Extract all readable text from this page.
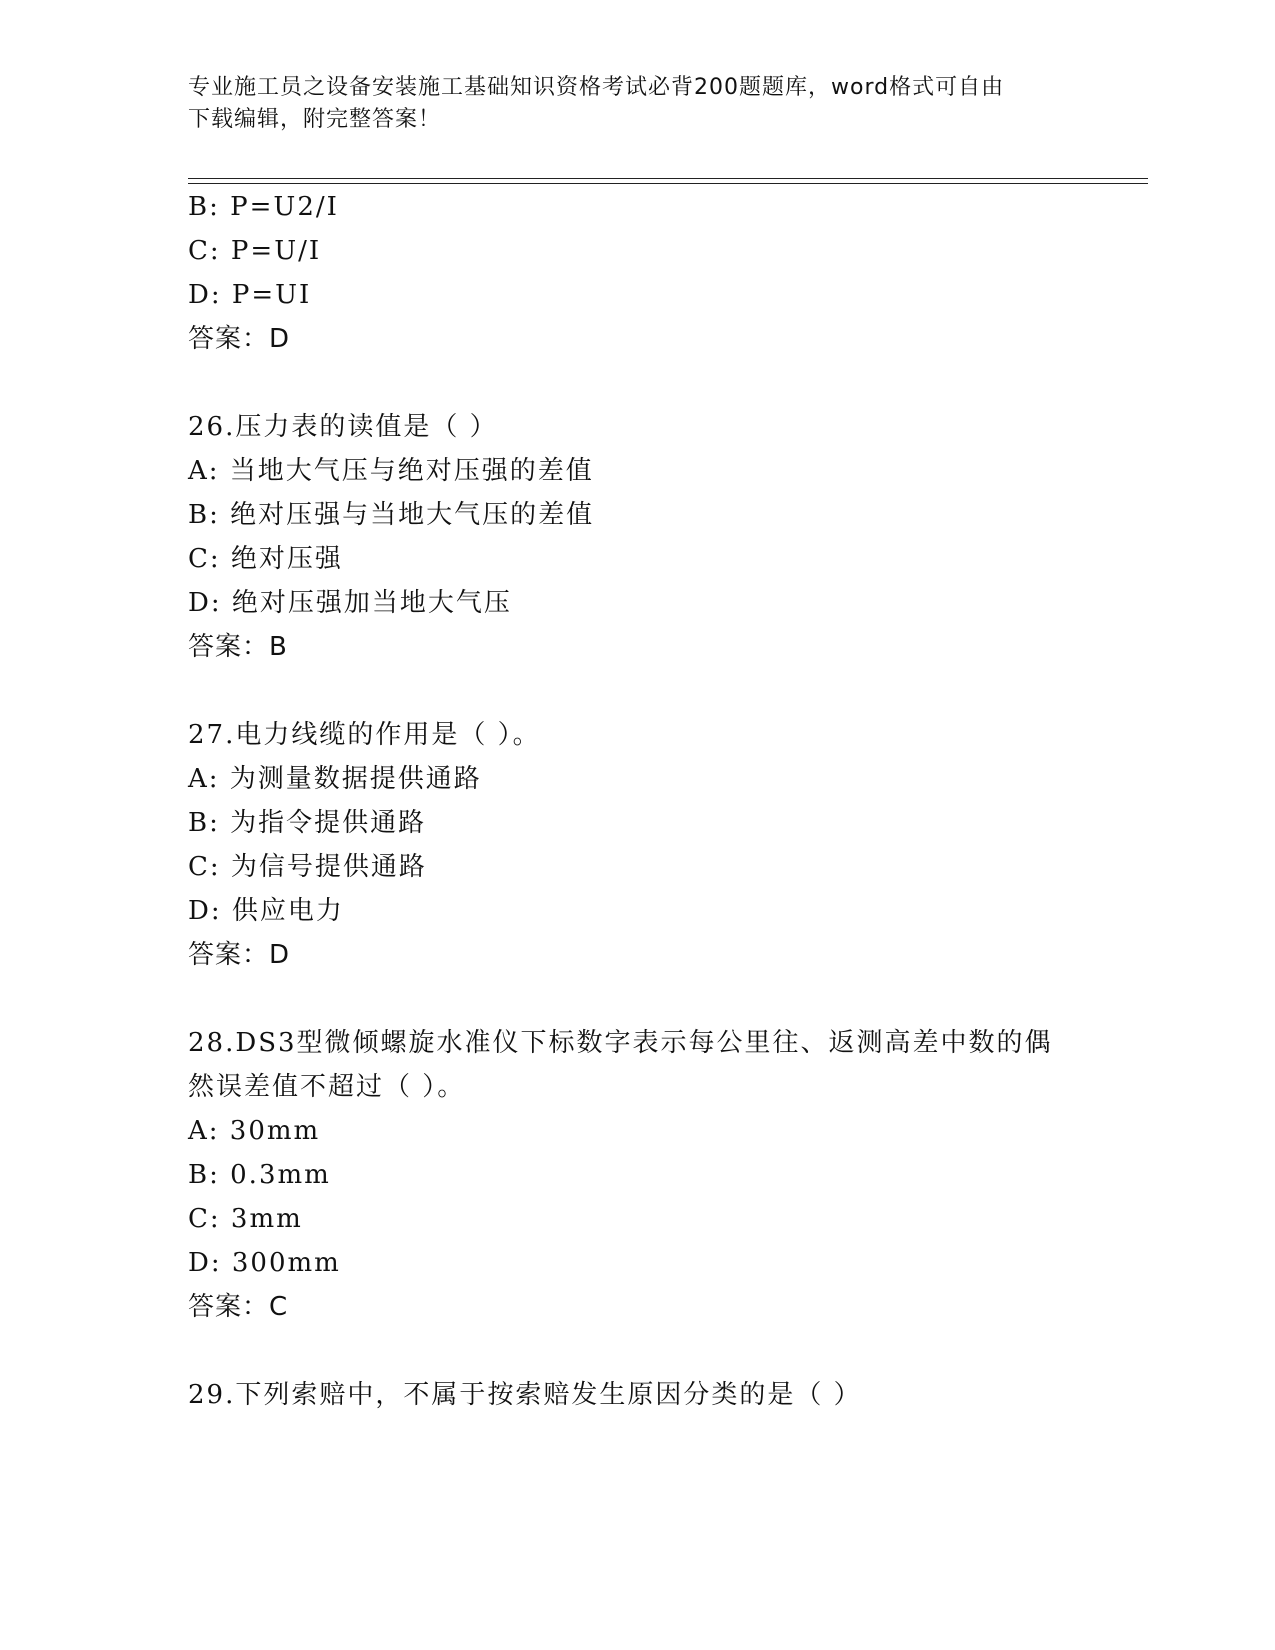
专业施工员之设备安装施工基础知识资格考试必背200题题库，word格式可自由
下载编辑，附完整答案！
B: P=U2/I
C: P=U/I
D: P=UI
答案：D
26.压力表的读值是（ ）
A: 当地大气压与绝对压强的差值
B: 绝对压强与当地大气压的差值
C: 绝对压强
D: 绝对压强加当地大气压
答案：B
27.电力线缆的作用是（ ）。
A: 为测量数据提供通路
B: 为指令提供通路
C: 为信号提供通路
D: 供应电力
答案：D
28.DS3型微倾螺旋水准仪下标数字表示每公里往、返测高差中数的偶
然误差值不超过（ ）。
A: 30mm
B: 0.3mm
C: 3mm
D: 300mm
答案：C
29.下列索赔中，不属于按索赔发生原因分类的是（ ）
